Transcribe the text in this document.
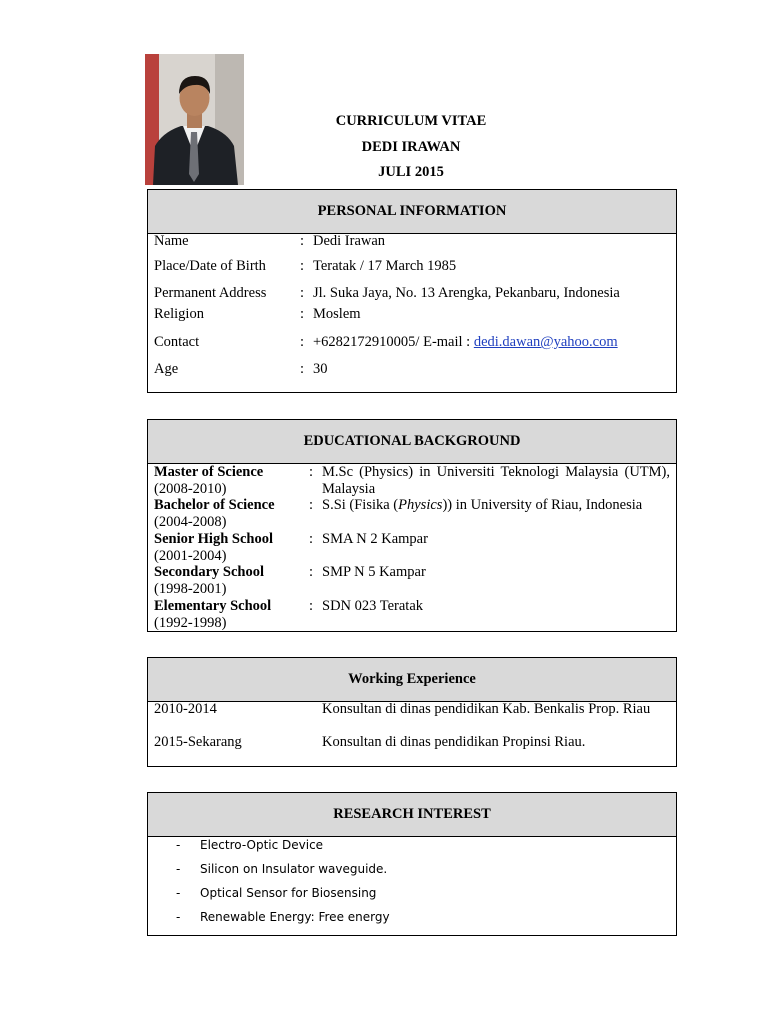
CURRICULUM VITAE
DEDI IRAWAN
JULI 2015
PERSONAL INFORMATION
Name	: Dedi Irawan
Place/Date of Birth : Teratak / 17 March 1985
Permanent Address : Jl. Suka Jaya, No. 13 Arengka, Pekanbaru, Indonesia
Religion	: Moslem
Contact	: +6282172910005/ E-mail : dedi.dawan@yahoo.com
Age	: 30
EDUCATIONAL BACKGROUND
Master of Science
(2008-2010)
: M.Sc (Physics) in Universiti Teknologi Malaysia (UTM), Malaysia
Bachelor of Science
(2004-2008)
: S.Si (Fisika (Physics)) in University of Riau, Indonesia
Senior High School
(2001-2004)
: SMA N 2 Kampar
Secondary School
(1998-2001)
: SMP N 5 Kampar
Elementary School
(1992-1998)
: SDN 023 Teratak
Working Experience
2010-2014	Konsultan di dinas pendidikan Kab. Benkalis Prop. Riau
2015-Sekarang	Konsultan di dinas pendidikan Propinsi Riau.
RESEARCH INTEREST
- Electro-Optic Device
- Silicon on Insulator waveguide.
- Optical Sensor for Biosensing
- Renewable Energy: Free energy
